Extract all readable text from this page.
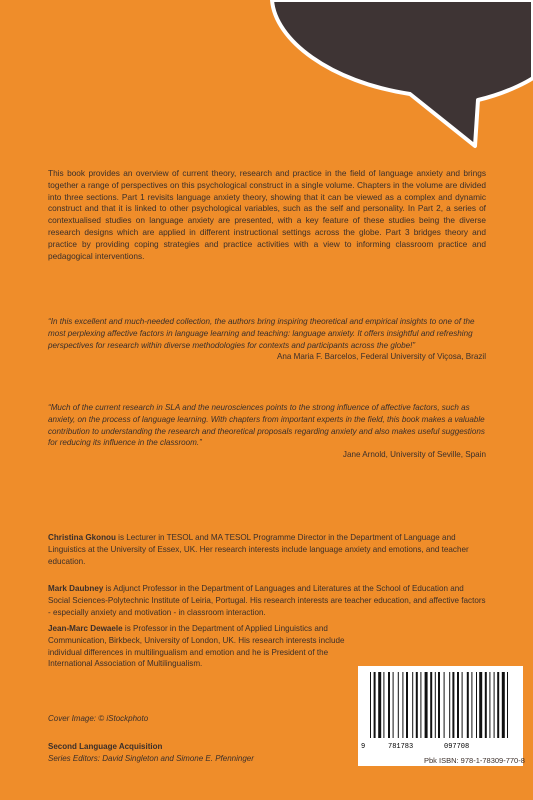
This book provides an overview of current theory, research and practice in the field of language anxiety and brings together a range of perspectives on this psychological construct in a single volume. Chapters in the volume are divided into three sections. Part 1 revisits language anxiety theory, showing that it can be viewed as a complex and dynamic construct and that it is linked to other psychological variables, such as the self and personality. In Part 2, a series of contextualised studies on language anxiety are presented, with a key feature of these studies being the diverse research designs which are applied in different instructional settings across the globe. Part 3 bridges theory and practice by providing coping strategies and practice activities with a view to informing classroom practice and pedagogical interventions.
“In this excellent and much-needed collection, the authors bring inspiring theoretical and empirical insights to one of the most perplexing affective factors in language learning and teaching: language anxiety. It offers insightful and refreshing perspectives for research within diverse methodologies for contexts and participants across the globe!”
Ana Maria F. Barcelos, Federal University of Viçosa, Brazil
“Much of the current research in SLA and the neurosciences points to the strong influence of affective factors, such as anxiety, on the process of language learning. With chapters from important experts in the field, this book makes a valuable contribution to understanding the research and theoretical proposals regarding anxiety and also makes useful suggestions for reducing its influence in the classroom.”
Jane Arnold, University of Seville, Spain
Christina Gkonou is Lecturer in TESOL and MA TESOL Programme Director in the Department of Language and Linguistics at the University of Essex, UK. Her research interests include language anxiety and emotions, and teacher education.
Mark Daubney is Adjunct Professor in the Department of Languages and Literatures at the School of Education and Social Sciences-Polytechnic Institute of Leiria, Portugal. His research interests are teacher education, and affective factors - especially anxiety and motivation - in classroom interaction.
Jean-Marc Dewaele is Professor in the Department of Applied Linguistics and Communication, Birkbeck, University of London, UK. His research interests include individual differences in multilingualism and emotion and he is President of the International Association of Multilingualism.
Cover Image: © iStockphoto
Second Language Acquisition
Series Editors: David Singleton and Simone E. Pfenninger
9	781783	097708
Pbk ISBN: 978-1-78309-770-8
